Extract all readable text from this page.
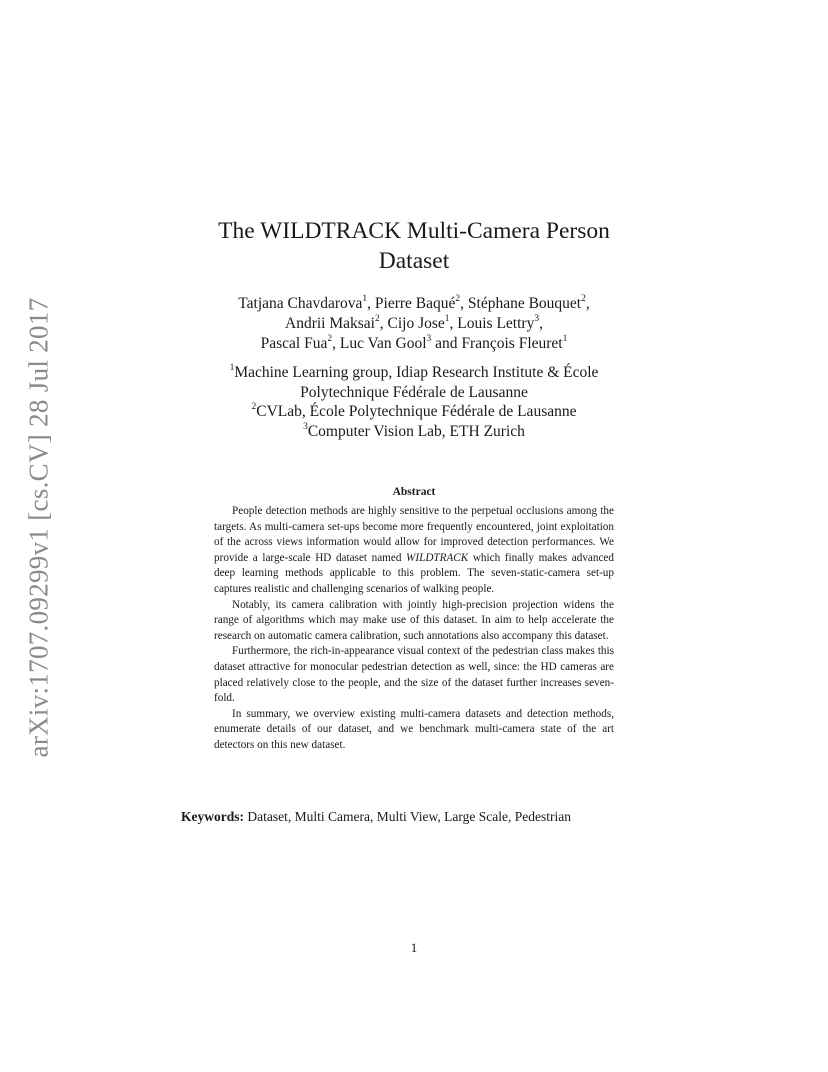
arXiv:1707.09299v1 [cs.CV] 28 Jul 2017
The WILDTRACK Multi-Camera Person
Dataset
Tatjana Chavdarova$^1$, Pierre Baqué$^2$, Stéphane Bouquet$^2$,
Andrii Maksai$^2$, Cijo Jose$^1$, Louis Lettry$^3$,
Pascal Fua$^2$, Luc Van Gool$^3$ and François Fleuret$^1$
$^1$Machine Learning group, Idiap Research Institute & École
Polytechnique Fédérale de Lausanne
$^2$CVLab, École Polytechnique Fédérale de Lausanne
$^3$Computer Vision Lab, ETH Zurich
Abstract

People detection methods are highly sensitive to the perpetual occlusions among the targets. As multi-camera set-ups become more frequently encountered, joint exploitation of the across views information would allow for improved detection performances. We provide a large-scale HD dataset named WILDTRACK which finally makes advanced deep learning methods applicable to this problem. The seven-static-camera set-up captures realistic and challenging scenarios of walking people.

Notably, its camera calibration with jointly high-precision projection widens the range of algorithms which may make use of this dataset. In aim to help accelerate the research on automatic camera calibration, such annotations also accompany this dataset.

Furthermore, the rich-in-appearance visual context of the pedestrian class makes this dataset attractive for monocular pedestrian detection as well, since: the HD cameras are placed relatively close to the people, and the size of the dataset further increases seven-fold.

In summary, we overview existing multi-camera datasets and detection methods, enumerate details of our dataset, and we benchmark multi-camera state of the art detectors on this new dataset.

Keywords: Dataset, Multi Camera, Multi View, Large Scale, Pedestrian
1
